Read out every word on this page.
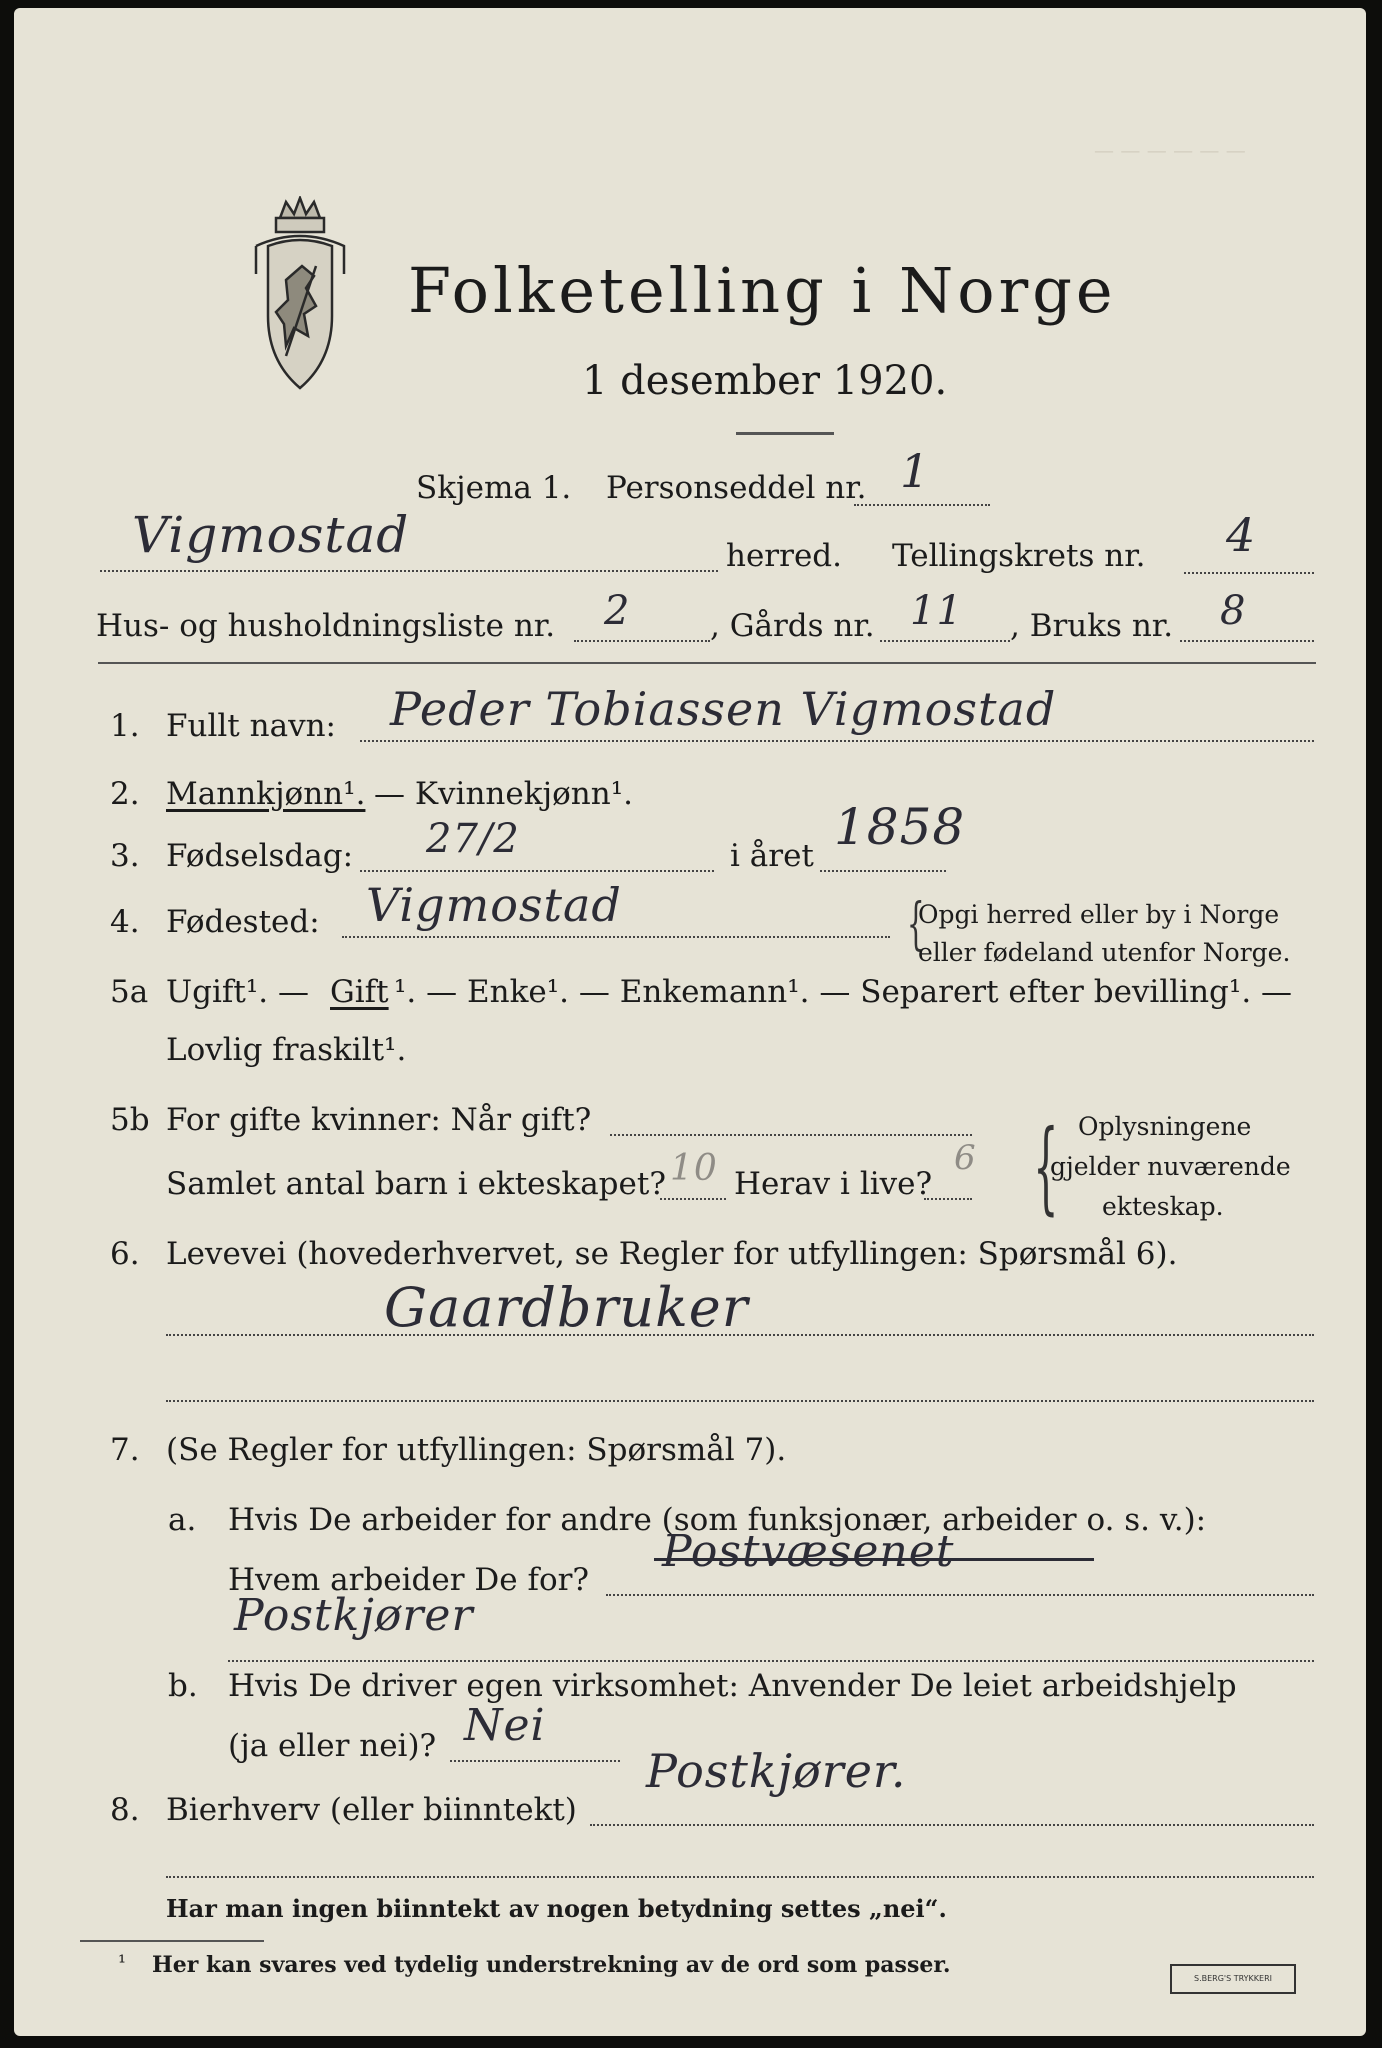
— — — — — —
Folketelling i Norge
1 desember 1920.
Skjema 1. Personseddel nr. 1
Vigmostad	herred. Tellingskrets nr. 4
Hus- og husholdningsliste nr. 2	, Gårds nr. 11 , Bruks nr. 8
1. Fullt navn: Peder Tobiassen Vigmostad
2. Mannkjønn¹. — Kvinnekjønn¹.
3. Fødselsdag: 27/2	i året 1858
4. Fødested: Vigmostad	{
Opgi herred eller by i Norge
eller fødeland utenfor Norge.
5a Ugift¹. — Gift ¹. — Enke¹. — Enkemann¹. — Separert efter bevilling¹. —
Lovlig fraskilt¹.
5b For gifte kvinner: Når gift?
Samlet antal barn i ekteskapet? 10 Herav i live?
6 { Oplysningene
gjelder nuværende
ekteskap.
6. Levevei (hovederhvervet, se Regler for utfyllingen: Spørsmål 6).
Gaardbruker
7. (Se Regler for utfyllingen: Spørsmål 7).
a. Hvis De arbeider for andre (som funksjonær, arbeider o. s. v.):
Hvem arbeider De for?
Postvæsenet
Postkjører
b. Hvis De driver egen virksomhet: Anvender De leiet arbeidshjelp
(ja eller nei)? Nei
8. Bierhverv (eller biinntekt)
Postkjører.
Har man ingen biinntekt av nogen betydning settes „nei“.
¹ Her kan svares ved tydelig understrekning av de ord som passer.
S.BERG'S TRYKKERI
